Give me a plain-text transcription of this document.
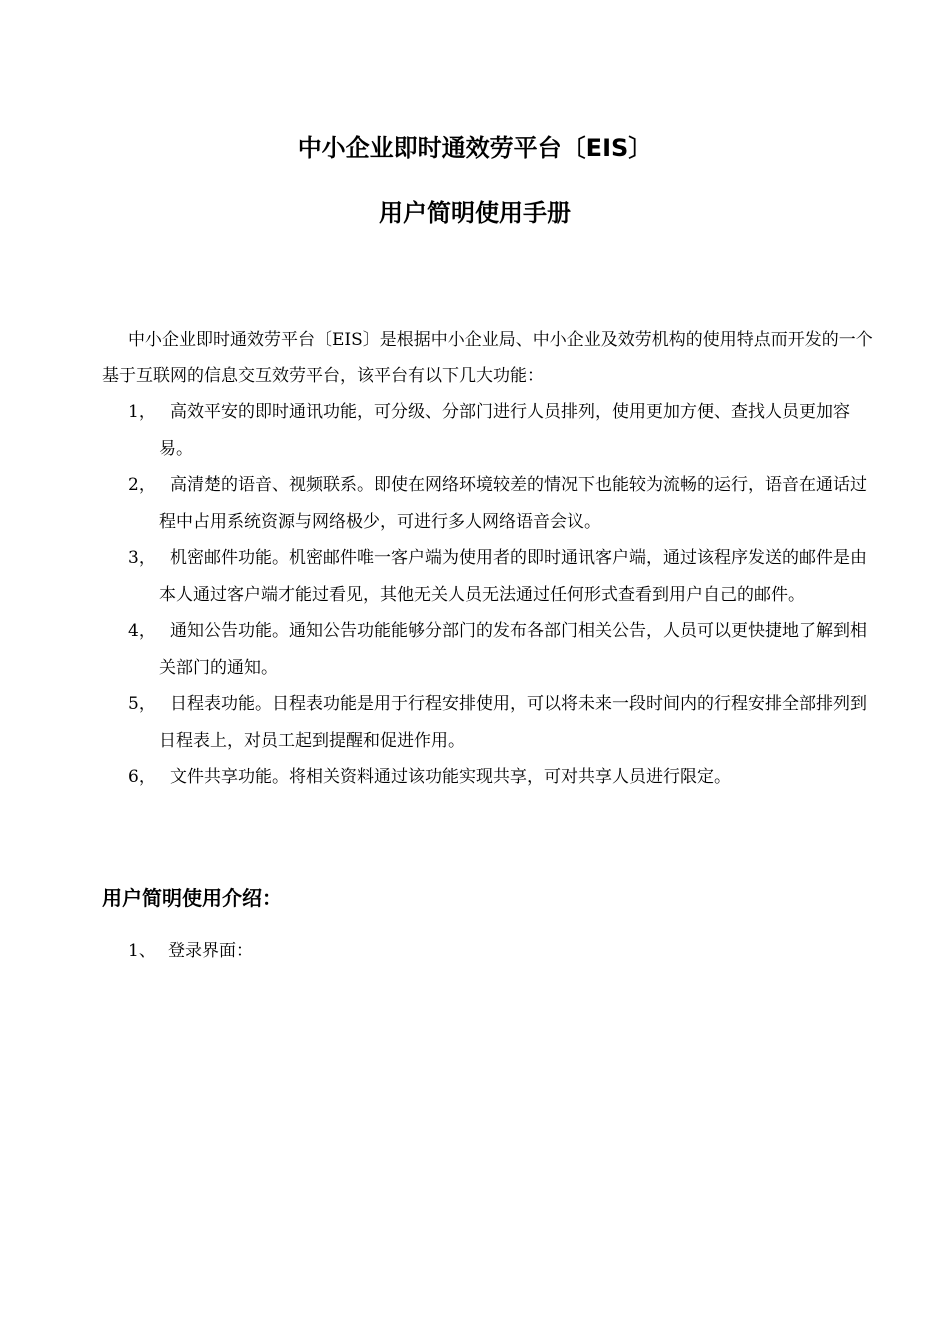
中小企业即时通效劳平台〔EIS〕
用户简明使用手册

中小企业即时通效劳平台〔EIS〕是根据中小企业局、中小企业及效劳机构的使用特点而开发的一个基于互联网的信息交互效劳平台，该平台有以下几大功能：

1， 高效平安的即时通讯功能，可分级、分部门进行人员排列，使用更加方便、查找人员更加容易。
2， 高清楚的语音、视频联系。即使在网络环境较差的情况下也能较为流畅的运行，语音在通话过程中占用系统资源与网络极少，可进行多人网络语音会议。
3， 机密邮件功能。机密邮件唯一客户端为使用者的即时通讯客户端，通过该程序发送的邮件是由本人通过客户端才能过看见，其他无关人员无法通过任何形式查看到用户自己的邮件。
4， 通知公告功能。通知公告功能能够分部门的发布各部门相关公告，人员可以更快捷地了解到相关部门的通知。
5， 日程表功能。日程表功能是用于行程安排使用，可以将未来一段时间内的行程安排全部排列到日程表上，对员工起到提醒和促进作用。
6， 文件共享功能。将相关资料通过该功能实现共享，可对共享人员进行限定。
用户简明使用介绍：
1、 登录界面：
